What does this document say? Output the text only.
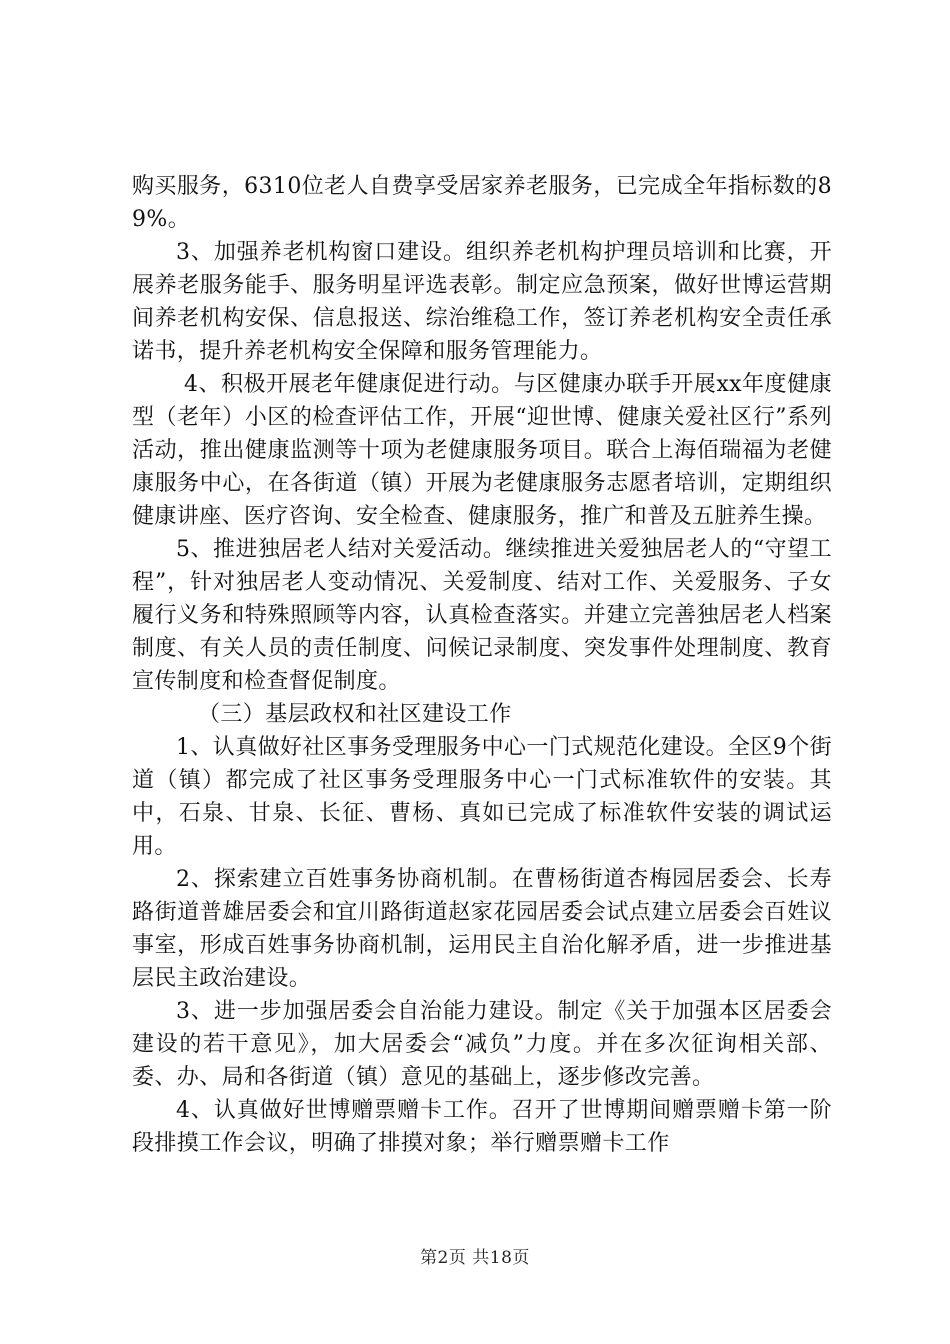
购买服务，6310位老人自费享受居家养老服务，已完成全年指标数的89%。

3、加强养老机构窗口建设。组织养老机构护理员培训和比赛，开展养老服务能手、服务明星评选表彰。制定应急预案，做好世博运营期间养老机构安保、信息报送、综治维稳工作，签订养老机构安全责任承诺书，提升养老机构安全保障和服务管理能力。

4、积极开展老年健康促进行动。与区健康办联手开展xx年度健康型（老年）小区的检查评估工作，开展“迎世博、健康关爱社区行”系列活动，推出健康监测等十项为老健康服务项目。联合上海佰瑞福为老健康服务中心，在各街道（镇）开展为老健康服务志愿者培训，定期组织健康讲座、医疗咨询、安全检查、健康服务，推广和普及五脏养生操。

5、推进独居老人结对关爱活动。继续推进关爱独居老人的“守望工程”，针对独居老人变动情况、关爱制度、结对工作、关爱服务、子女履行义务和特殊照顾等内容，认真检查落实。并建立完善独居老人档案制度、有关人员的责任制度、问候记录制度、突发事件处理制度、教育宣传制度和检查督促制度。

（三）基层政权和社区建设工作

1、认真做好社区事务受理服务中心一门式规范化建设。全区9个街道（镇）都完成了社区事务受理服务中心一门式标准软件的安装。其中，石泉、甘泉、长征、曹杨、真如已完成了标准软件安装的调试运用。

2、探索建立百姓事务协商机制。在曹杨街道杏梅园居委会、长寿路街道普雄居委会和宜川路街道赵家花园居委会试点建立居委会百姓议事室，形成百姓事务协商机制，运用民主自治化解矛盾，进一步推进基层民主政治建设。

3、进一步加强居委会自治能力建设。制定《关于加强本区居委会建设的若干意见》，加大居委会“减负”力度。并在多次征询相关部、委、办、局和各街道（镇）意见的基础上，逐步修改完善。

4、认真做好世博赠票赠卡工作。召开了世博期间赠票赠卡第一阶段排摸工作会议，明确了排摸对象；举行赠票赠卡工作

第2页 共18页
